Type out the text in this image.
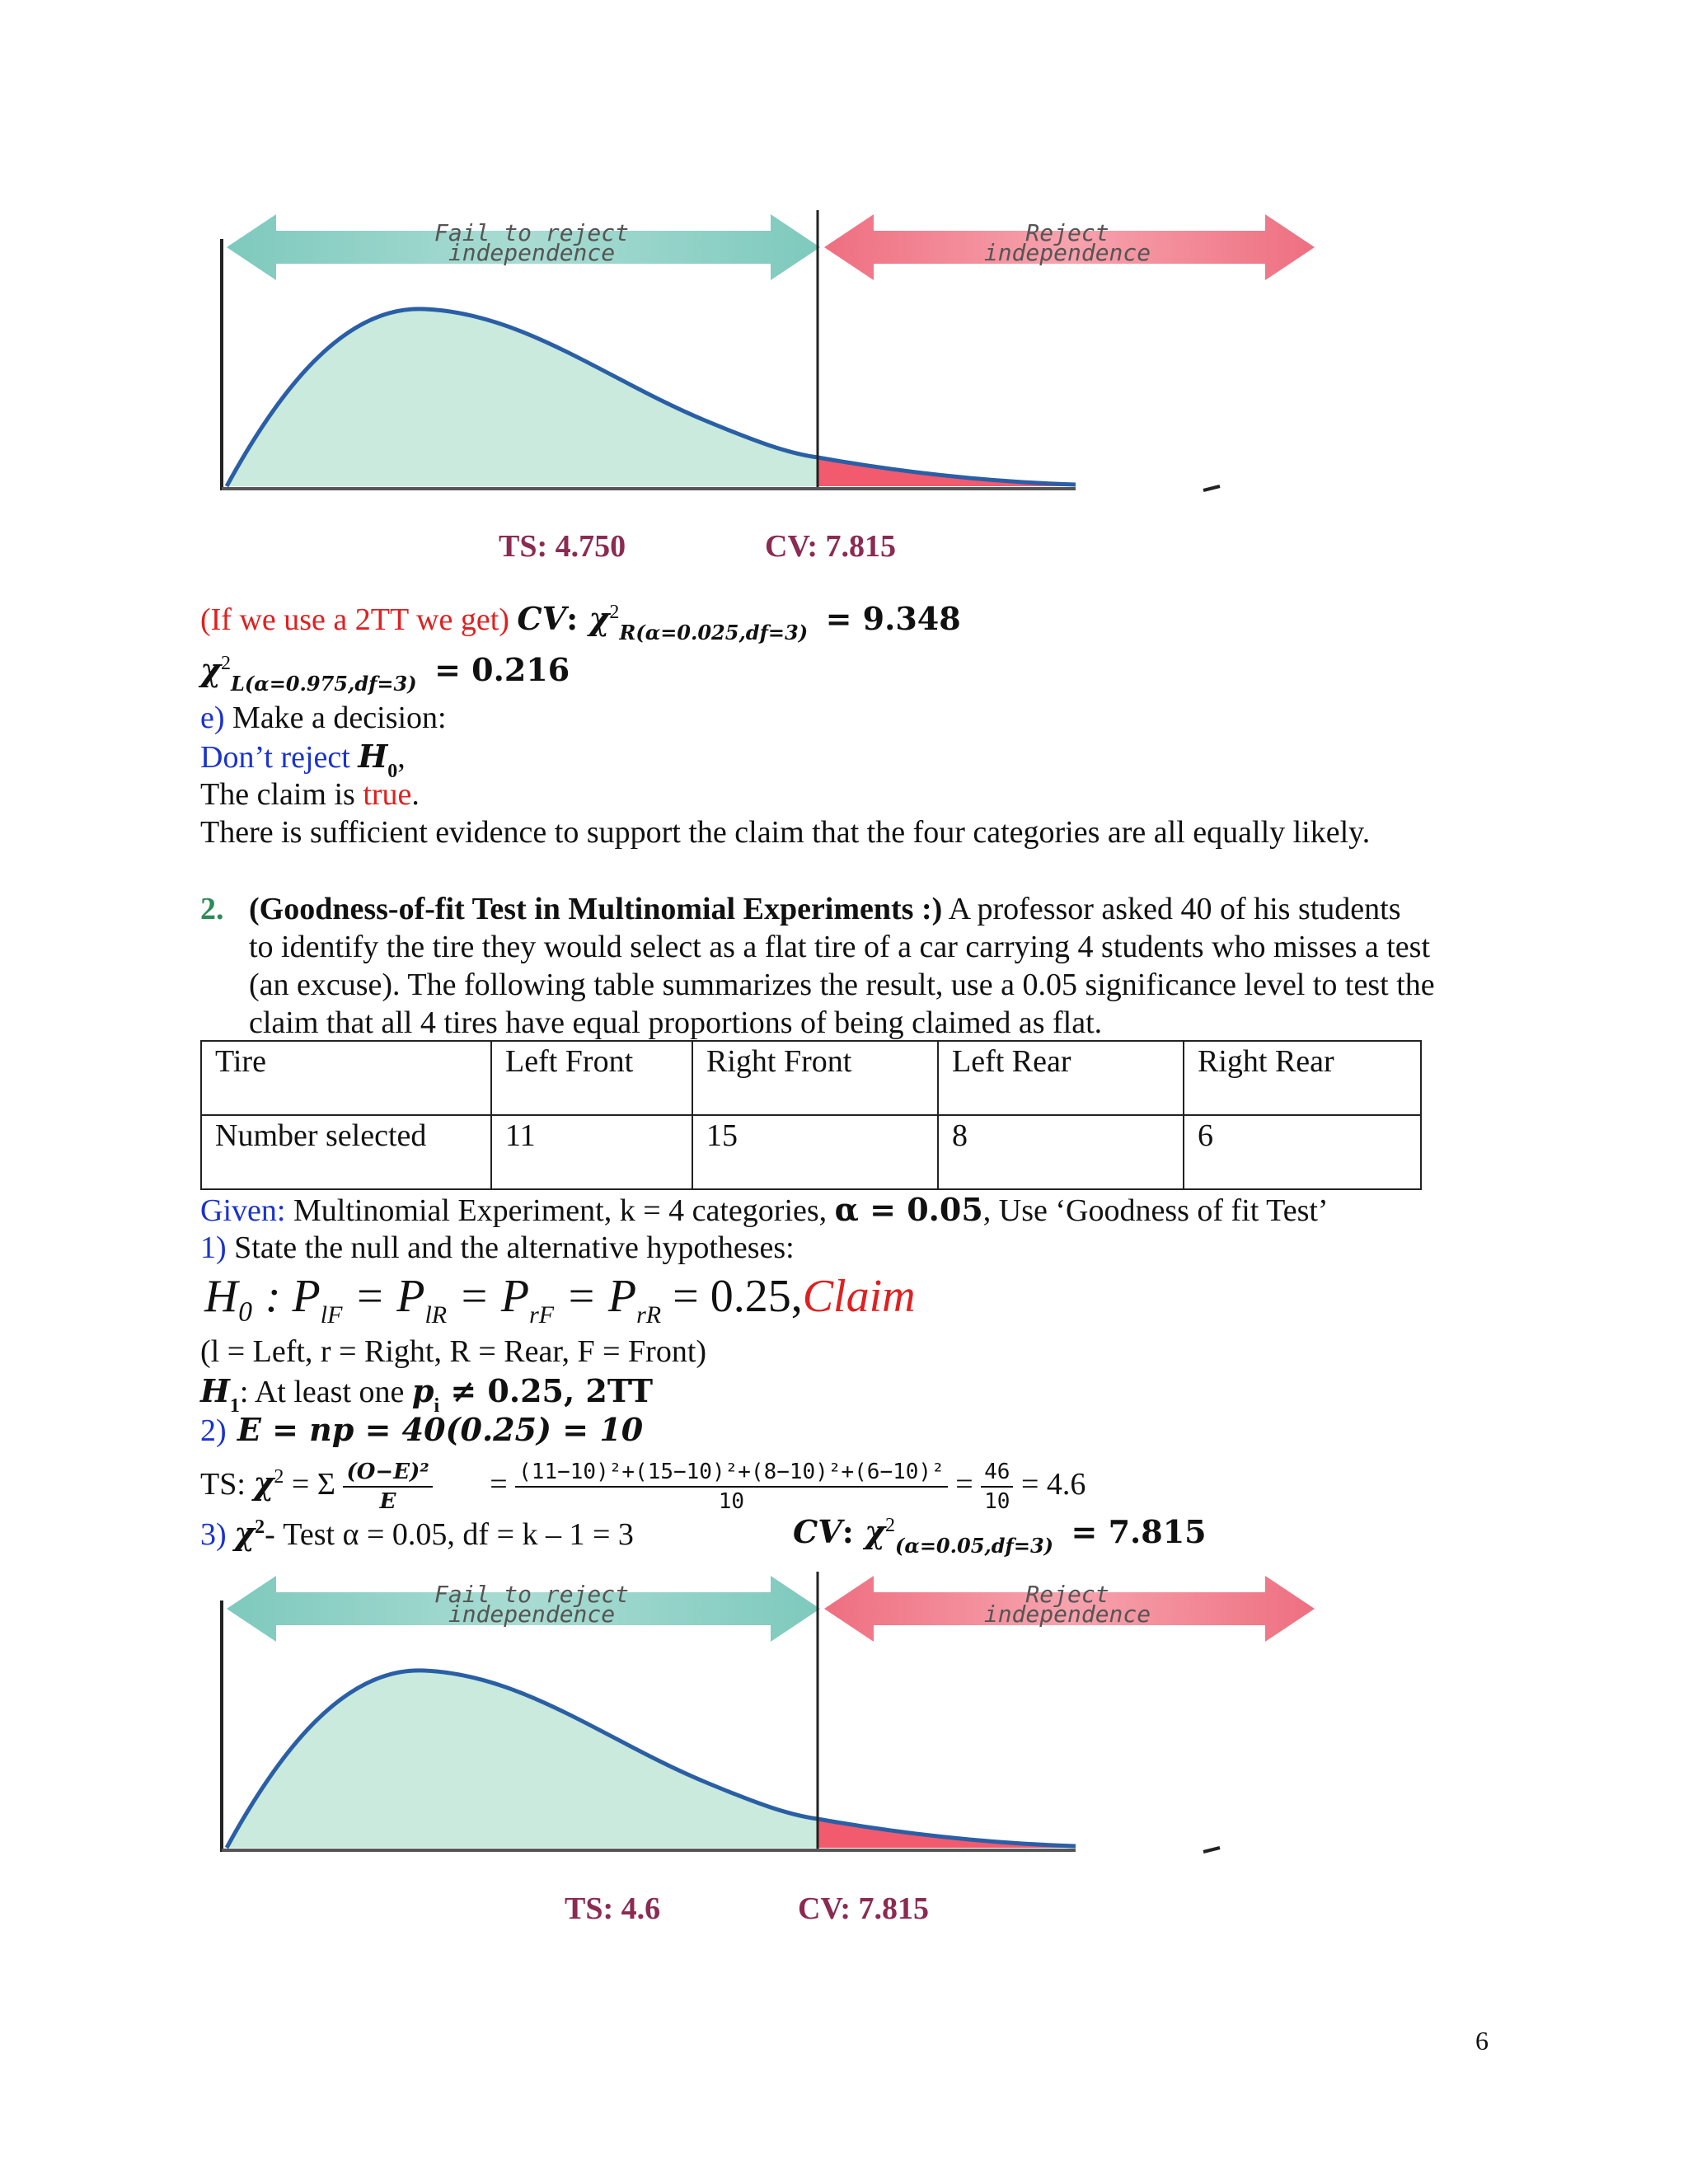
Fail to reject
independence
Reject
independence
TS: 4.750	CV: 7.815
(If we use a 2TT we get) CV: $\chi^2_{R(\alpha=0.025,df=3)} = 9.348$
$\chi^2_{L(\alpha=0.975,df=3)} = 0.216$
e) Make a decision:
Don’t reject $H_0$,
The claim is true.
There is sufficient evidence to support the claim that the four categories are all equally likely.
2. (Goodness-of-fit Test in Multinomial Experiments :) A professor asked 40 of his students
to identify the tire they would select as a flat tire of a car carrying 4 students who misses a test
(an excuse). The following table summarizes the result, use a 0.05 significance level to test the
claim that all 4 tires have equal proportions of being claimed as flat.
Tire	Left Front	Right Front	Left Rear	Right Rear
Number selected	11	15	8	6
Given: Multinomial Experiment, k = 4 categories, α = 0.05, Use ‘Goodness of fit Test’
1) State the null and the alternative hypotheses:
H₀ : $P_{lF} = P_{lR} = P_{rF} = P_{rR}$ = 0.25,Claim
(l = Left, r = Right, R = Rear, F = Front)
$H_1$: At least one $p_i \ne 0.25$, 2TT
2) E = np = 40(0.25) = 10
TS: $\chi^2 = \Sigma \frac{\text{(O−E)²}}{E} = \frac{\text{(11−10)²+(15−10)²+(8−10)²+(6−10)²}}{10} = \frac{46}{10} = 4.6$
3) $\chi^2-$ Test α = 0.05, df = k – 1 = 3	CV: $\chi^2_{(\alpha=0.05,df=3)} = 7.815$
Fail to reject
independence
Reject
independence
TS: 4.6	CV: 7.815
6
